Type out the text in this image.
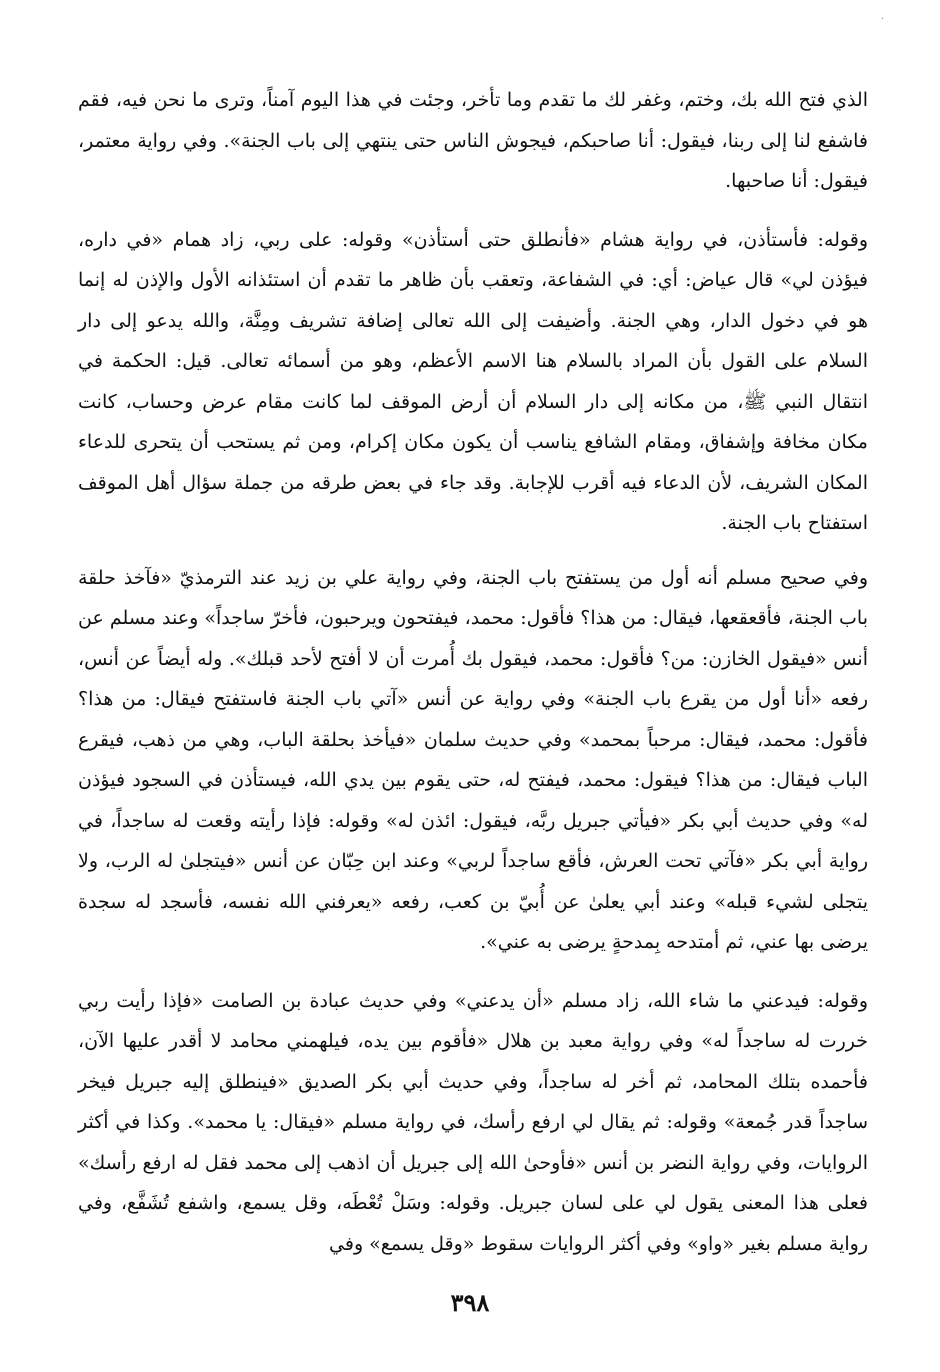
·

الذي فتح الله بك، وختم، وغفر لك ما تقدم وما تأخر، وجئت في هذا اليوم آمناً، وترى ما نحن فيه، فقم فاشفع لنا إلى ربنا، فيقول: أنا صاحبكم، فيجوش الناس حتى ينتهي إلى باب الجنة». وفي رواية معتمر، فيقول: أنا صاحبها.

وقوله: فأستأذن، في رواية هشام «فأنطلق حتى أستأذن» وقوله: على ربي، زاد همام «في داره، فيؤذن لي» قال عياض: أي: في الشفاعة، وتعقب بأن ظاهر ما تقدم أن استئذانه الأول والإذن له إنما هو في دخول الدار، وهي الجنة. وأضيفت إلى الله تعالى إضافة تشريف ومِنَّة، والله يدعو إلى دار السلام على القول بأن المراد بالسلام هنا الاسم الأعظم، وهو من أسمائه تعالى. قيل: الحكمة في انتقال النبي ﷺ، من مكانه إلى دار السلام أن أرض الموقف لما كانت مقام عرض وحساب، كانت مكان مخافة وإشفاق، ومقام الشافع يناسب أن يكون مكان إكرام، ومن ثم يستحب أن يتحرى للدعاء المكان الشريف، لأن الدعاء فيه أقرب للإجابة. وقد جاء في بعض طرقه من جملة سؤال أهل الموقف استفتاح باب الجنة.

وفي صحيح مسلم أنه أول من يستفتح باب الجنة، وفي رواية علي بن زيد عند الترمذيّ «فآخذ حلقة باب الجنة، فأقعقعها، فيقال: من هذا؟ فأقول: محمد، فيفتحون ويرحبون، فأخرّ ساجداً» وعند مسلم عن أنس «فيقول الخازن: من؟ فأقول: محمد، فيقول بك أُمرت أن لا أفتح لأحد قبلك». وله أيضاً عن أنس، رفعه «أنا أول من يقرع باب الجنة» وفي رواية عن أنس «آتي باب الجنة فاستفتح فيقال: من هذا؟ فأقول: محمد، فيقال: مرحباً بمحمد» وفي حديث سلمان «فيأخذ بحلقة الباب، وهي من ذهب، فيقرع الباب فيقال: من هذا؟ فيقول: محمد، فيفتح له، حتى يقوم بين يدي الله، فيستأذن في السجود فيؤذن له» وفي حديث أبي بكر «فيأتي جبريل ربَّه، فيقول: ائذن له» وقوله: فإذا رأيته وقعت له ساجداً، في رواية أبي بكر «فآتي تحت العرش، فأقع ساجداً لربي» وعند ابن حِبّان عن أنس «فيتجلىٰ له الرب، ولا يتجلى لشيء قبله» وعند أبي يعلىٰ عن أُبيّ بن كعب، رفعه «يعرفني الله نفسه، فأسجد له سجدة يرضى بها عني، ثم أمتدحه بِمدحةٍ يرضى به عني».

وقوله: فيدعني ما شاء الله، زاد مسلم «أن يدعني» وفي حديث عبادة بن الصامت «فإذا رأيت ربي خررت له ساجداً له» وفي رواية معبد بن هلال «فأقوم بين يده، فيلهمني محامد لا أقدر عليها الآن، فأحمده بتلك المحامد، ثم أخر له ساجداً، وفي حديث أبي بكر الصديق «فينطلق إليه جبريل فيخر ساجداً قدر جُمعة» وقوله: ثم يقال لي ارفع رأسك، في رواية مسلم «فيقال: يا محمد». وكذا في أكثر الروايات، وفي رواية النضر بن أنس «فأوحىٰ الله إلى جبريل أن اذهب إلى محمد فقل له ارفع رأسك» فعلى هذا المعنى يقول لي على لسان جبريل. وقوله: وسَلْ تُعْطَه، وقل يسمع، واشفع تُشَفَّع، وفي رواية مسلم بغير «واو» وفي أكثر الروايات سقوط «وقل يسمع» وفي

٣٩٨
